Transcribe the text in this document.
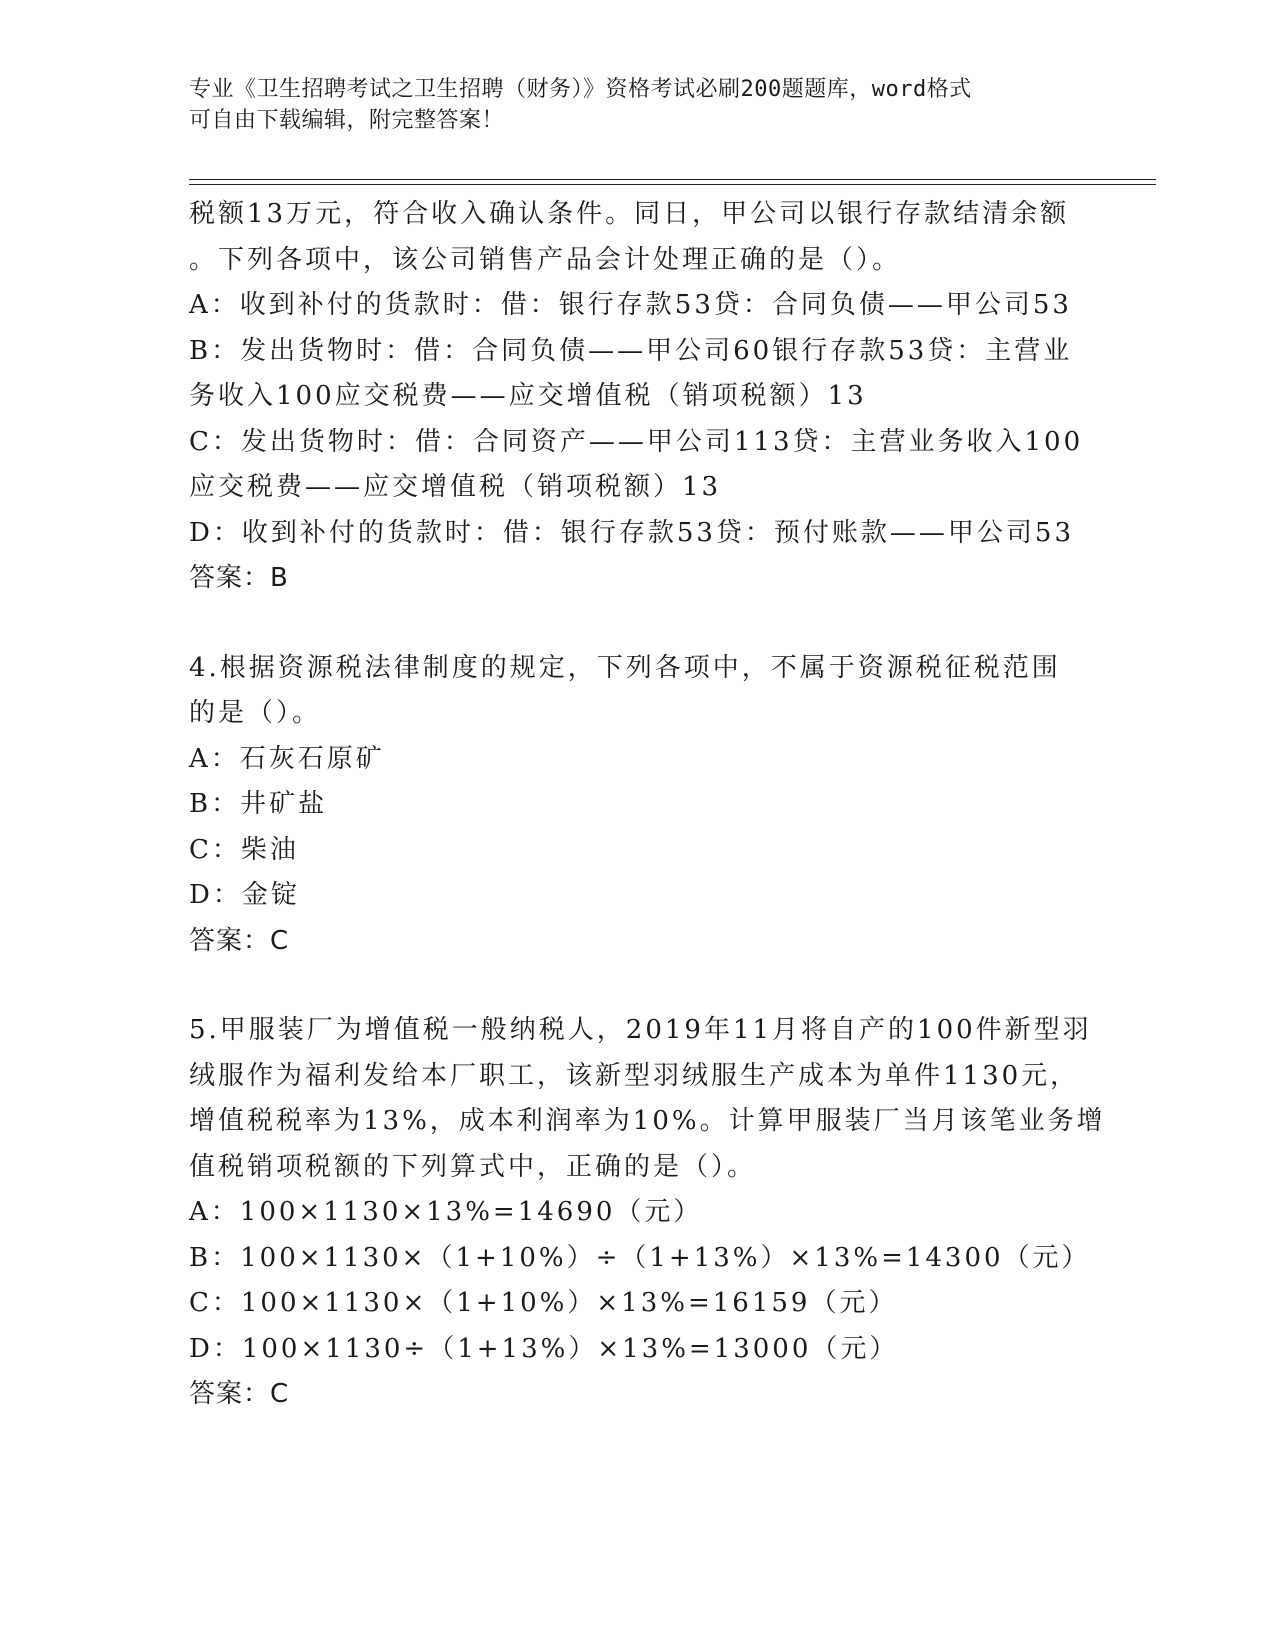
专业《卫生招聘考试之卫生招聘（财务）》资格考试必刷200题题库，word格式
可自由下载编辑，附完整答案！
税额13万元，符合收入确认条件。同日，甲公司以银行存款结清余额
。下列各项中，该公司销售产品会计处理正确的是（）。
A：收到补付的货款时：借：银行存款53贷：合同负债——甲公司53
B：发出货物时：借：合同负债——甲公司60银行存款53贷：主营业
务收入100应交税费——应交增值税（销项税额）13
C：发出货物时：借：合同资产——甲公司113贷：主营业务收入100
应交税费——应交增值税（销项税额）13
D：收到补付的货款时：借：银行存款53贷：预付账款——甲公司53
答案：B
4.根据资源税法律制度的规定，下列各项中，不属于资源税征税范围
的是（）。
A：石灰石原矿
B：井矿盐
C：柴油
D：金锭
答案：C
5.甲服装厂为增值税一般纳税人，2019年11月将自产的100件新型羽
绒服作为福利发给本厂职工，该新型羽绒服生产成本为单件1130元，
增值税税率为13%，成本利润率为10%。计算甲服装厂当月该笔业务增
值税销项税额的下列算式中，正确的是（）。
A：100×1130×13%=14690（元）
B：100×1130×（1+10%）÷（1+13%）×13%=14300（元）
C：100×1130×（1+10%）×13%=16159（元）
D：100×1130÷（1+13%）×13%=13000（元）
答案：C
